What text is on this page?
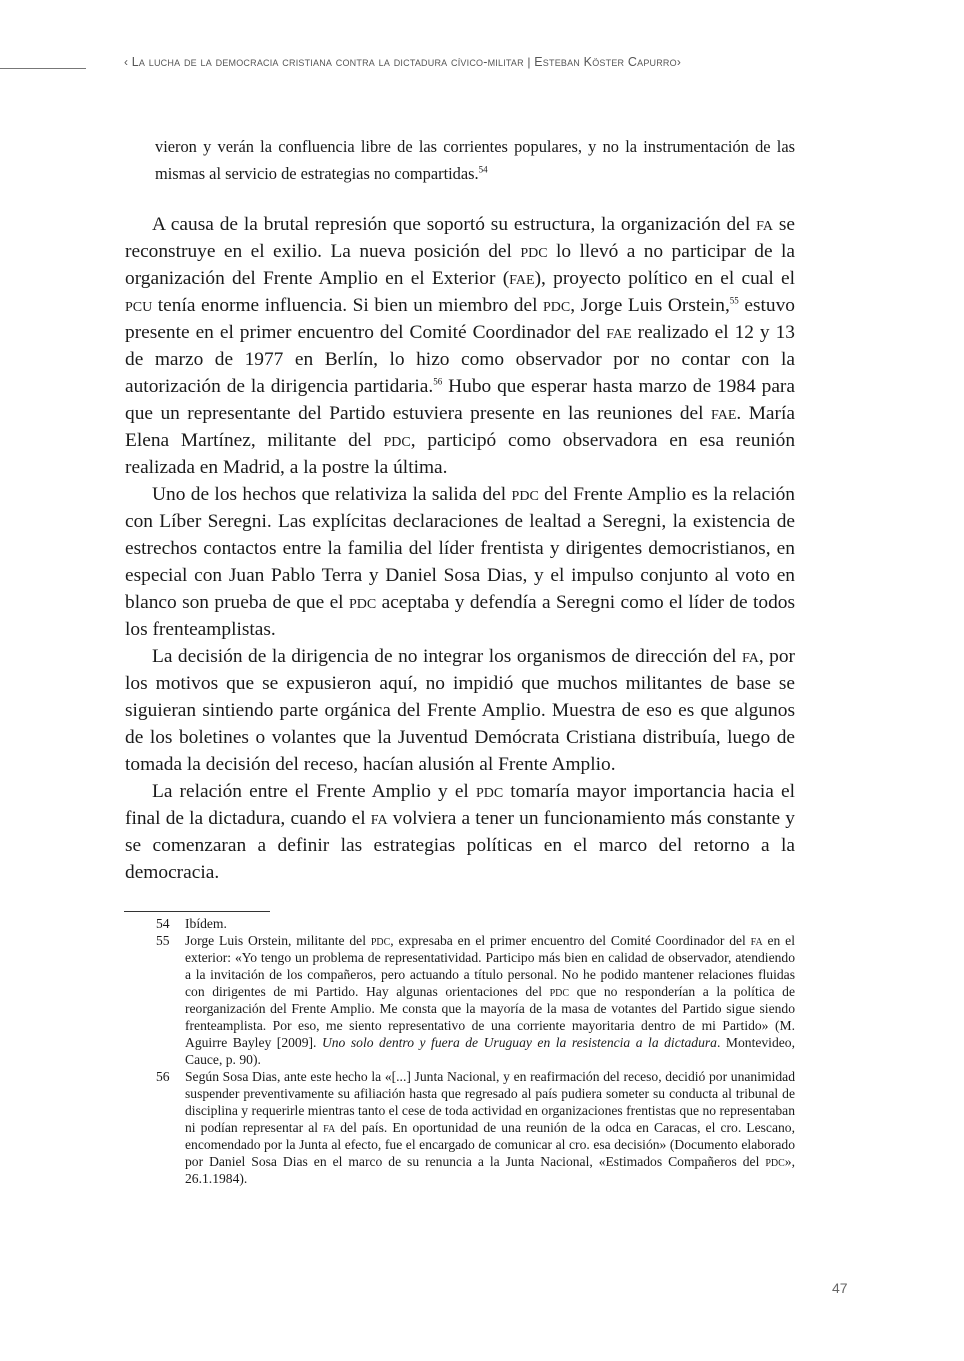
‹ La lucha de la democracia cristiana contra la dictadura cívico-militar | Esteban Köster Capurro›
vieron y verán la confluencia libre de las corrientes populares, y no la instrumentación de las mismas al servicio de estrategias no compartidas.$^{54}$

A causa de la brutal represión que soportó su estructura, la organización del fa se reconstruye en el exilio. La nueva posición del pdc lo llevó a no participar de la organización del Frente Amplio en el Exterior (fae), proyecto político en el cual el pcu tenía enorme influencia. Si bien un miembro del pdc, Jorge Luis Orstein,$^{55}$ estuvo presente en el primer encuentro del Comité Coordinador del fae realizado el 12 y 13 de marzo de 1977 en Berlín, lo hizo como observador por no contar con la autorización de la dirigencia partidaria.$^{56}$ Hubo que esperar hasta marzo de 1984 para que un representante del Partido estuviera presente en las reuniones del fae. María Elena Martínez, militante del pdc, participó como observadora en esa reunión realizada en Madrid, a la postre la última.

Uno de los hechos que relativiza la salida del pdc del Frente Amplio es la relación con Líber Seregni. Las explícitas declaraciones de lealtad a Seregni, la existencia de estrechos contactos entre la familia del líder frentista y dirigentes democristianos, en especial con Juan Pablo Terra y Daniel Sosa Dias, y el impulso conjunto al voto en blanco son prueba de que el pdc aceptaba y defendía a Seregni como el líder de todos los frenteamplistas.

La decisión de la dirigencia de no integrar los organismos de dirección del fa, por los motivos que se expusieron aquí, no impidió que muchos militantes de base se siguieran sintiendo parte orgánica del Frente Amplio. Muestra de eso es que algunos de los boletines o volantes que la Juventud Demócrata Cristiana distribuía, luego de tomada la decisión del receso, hacían alusión al Frente Amplio.

La relación entre el Frente Amplio y el pdc tomaría mayor importancia hacia el final de la dictadura, cuando el fa volviera a tener un funcionamiento más constante y se comenzaran a definir las estrategias políticas en el marco del retorno a la democracia.

54	Ibídem.
55	Jorge Luis Orstein, militante del pdc, expresaba en el primer encuentro del Comité Coordinador del fa en el exterior: «Yo tengo un problema de representatividad. Participo más bien en calidad de observador, atendiendo a la invitación de los compañeros, pero actuando a título personal. No he podido mantener relaciones fluidas con dirigentes de mi Partido. Hay algunas orientaciones del pdc que no responderían a la política de reorganización del Frente Amplio. Me consta que la mayoría de la masa de votantes del Partido sigue siendo frenteamplista. Por eso, me siento representativo de una corriente mayoritaria dentro de mi Partido» (M. Aguirre Bayley [2009]. Uno solo dentro y fuera de Uruguay en la resistencia a la dictadura. Montevideo, Cauce, p. 90).
56	Según Sosa Dias, ante este hecho la «[...] Junta Nacional, y en reafirmación del receso, decidió por unanimidad suspender preventivamente su afiliación hasta que regresado al país pudiera someter su conducta al tribunal de disciplina y requerirle mientras tanto el cese de toda actividad en organizaciones frentistas que no representaban ni podían representar al fa del país. En oportunidad de una reunión de la odca en Caracas, el cro. Lescano, encomendado por la Junta al efecto, fue el encargado de comunicar al cro. esa decisión» (Documento elaborado por Daniel Sosa Dias en el marco de su renuncia a la Junta Nacional, «Estimados Compañeros del pdc», 26.1.1984).
47
